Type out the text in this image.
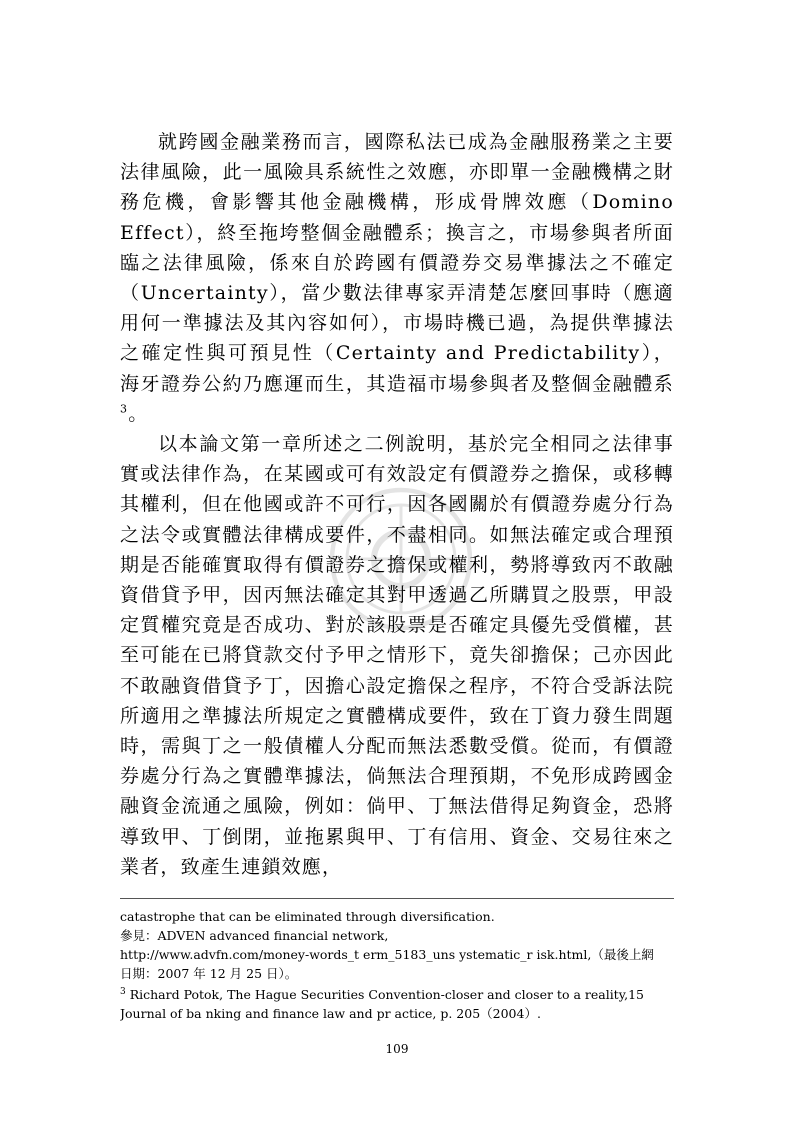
就跨國金融業務而言，國際私法已成為金融服務業之主要法律風險，此一風險具系統性之效應，亦即單一金融機構之財務危機，會影響其他金融機構，形成骨牌效應（Domino Effect），終至拖垮整個金融體系；換言之，市場參與者所面臨之法律風險，係來自於跨國有價證券交易準據法之不確定（Uncertainty），當少數法律專家弄清楚怎麼回事時（應適用何一準據法及其內容如何），市場時機已過，為提供準據法之確定性與可預見性（Certainty and Predictability），海牙證券公約乃應運而生，其造福市場參與者及整個金融體系$^3$。

以本論文第一章所述之二例說明，基於完全相同之法律事實或法律作為，在某國或可有效設定有價證券之擔保，或移轉其權利，但在他國或許不可行，因各國關於有價證券處分行為之法令或實體法律構成要件，不盡相同。如無法確定或合理預期是否能確實取得有價證券之擔保或權利，勢將導致丙不敢融資借貸予甲，因丙無法確定其對甲透過乙所購買之股票，甲設定質權究竟是否成功、對於該股票是否確定具優先受償權，甚至可能在已將貸款交付予甲之情形下，竟失卻擔保；己亦因此不敢融資借貸予丁，因擔心設定擔保之程序，不符合受訴法院所適用之準據法所規定之實體構成要件，致在丁資力發生問題時，需與丁之一般債權人分配而無法悉數受償。從而，有價證券處分行為之實體準據法，倘無法合理預期，不免形成跨國金融資金流通之風險，例如：倘甲、丁無法借得足夠資金，恐將導致甲、丁倒閉，並拖累與甲、丁有信用、資金、交易往來之業者，致產生連鎖效應，

catastrophe that can be eliminated through diversification.
參見：ADVEN advanced financial network,
http://www.advfn.com/money-words_t erm_5183_uns ystematic_r isk.html,（最後上網
日期：2007 年 12 月 25 日）。
$^3$ Richard Potok, The Hague Securities Convention-closer and closer to a reality,15 Journal of ba nking and finance law and pr actice, p. 205（2004）.
109
